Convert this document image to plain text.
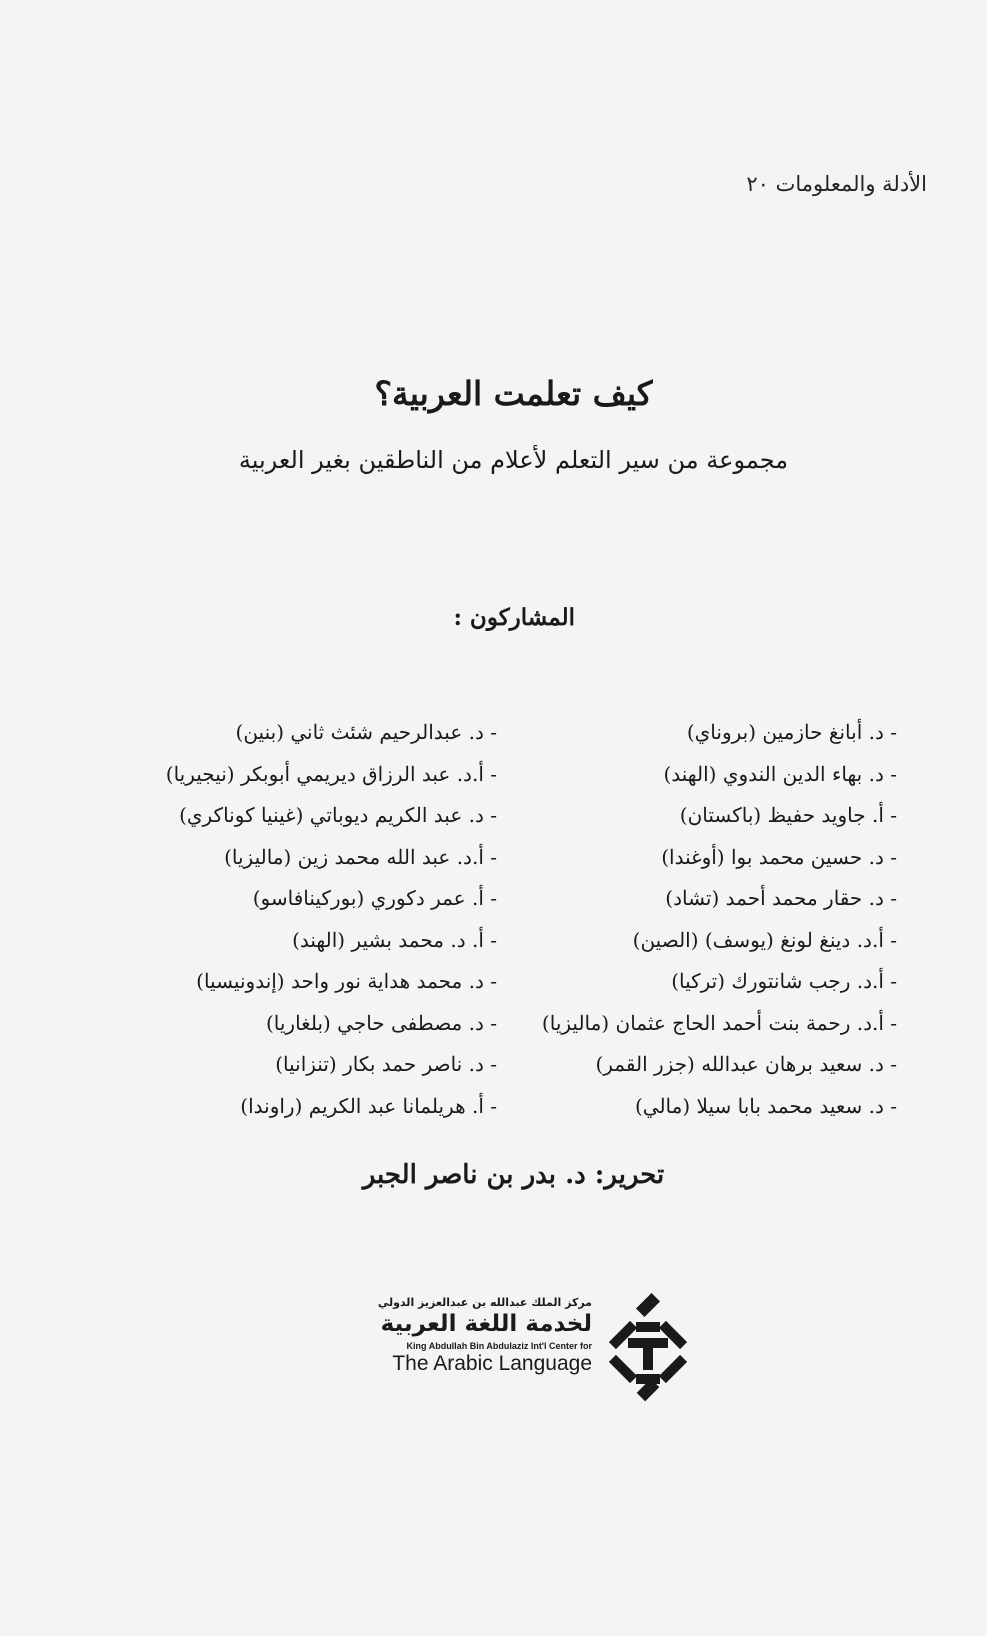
الأدلة والمعلومات ٢٠
كيف تعلمت العربية؟
مجموعة من سير التعلم لأعلام من الناطقين بغير العربية
المشاركون :
- د. أبانغ حازمين (بروناي)
- د. بهاء الدين الندوي (الهند)
- أ. جاويد حفيظ (باكستان)
- د. حسين محمد بوا (أوغندا)
- د. حقار محمد أحمد (تشاد)
- أ.د. دينغ لونغ (يوسف) (الصين)
- أ.د. رجب شانتورك (تركيا)
- أ.د. رحمة بنت أحمد الحاج عثمان (ماليزيا)
- د. سعيد برهان عبدالله (جزر القمر)
- د. سعيد محمد بابا سيلا (مالي)
- د. عبدالرحيم شئث ثاني (بنين)
- أ.د. عبد الرزاق ديريمي أبوبكر (نيجيريا)
- د. عبد الكريم ديوباتي (غينيا كوناكري)
- أ.د. عبد الله محمد زين (ماليزيا)
- أ. عمر دكوري (بوركينافاسو)
- أ. د. محمد بشير (الهند)
- د. محمد هداية نور واحد (إندونيسيا)
- د. مصطفى حاجي (بلغاريا)
- د. ناصر حمد بكار (تنزانيا)
- أ. هريلمانا عبد الكريم (راوندا)
تحرير: د. بدر بن ناصر الجبر
مركز الملك عبدالله بن عبدالعزيز الدولي
لخدمة اللغة العربية
King Abdullah Bin Abdulaziz Int'l Center for
The Arabic Language
